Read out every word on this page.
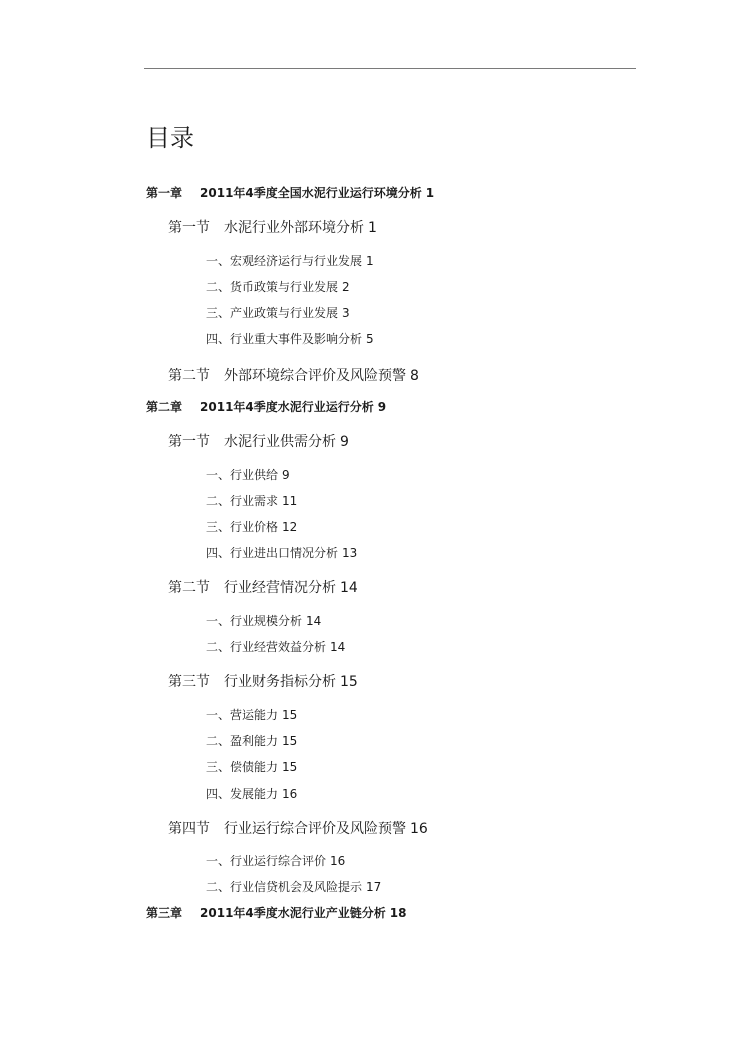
目录
第一章 2011年4季度全国水泥行业运行环境分析 1
第一节 水泥行业外部环境分析 1
一、宏观经济运行与行业发展 1
二、货币政策与行业发展 2
三、产业政策与行业发展 3
四、行业重大事件及影响分析 5
第二节 外部环境综合评价及风险预警 8
第二章 2011年4季度水泥行业运行分析 9
第一节 水泥行业供需分析 9
一、行业供给 9
二、行业需求 11
三、行业价格 12
四、行业进出口情况分析 13
第二节 行业经营情况分析 14
一、行业规模分析 14
二、行业经营效益分析 14
第三节 行业财务指标分析 15
一、营运能力 15
二、盈利能力 15
三、偿债能力 15
四、发展能力 16
第四节 行业运行综合评价及风险预警 16
一、行业运行综合评价 16
二、行业信贷机会及风险提示 17
第三章 2011年4季度水泥行业产业链分析 18
